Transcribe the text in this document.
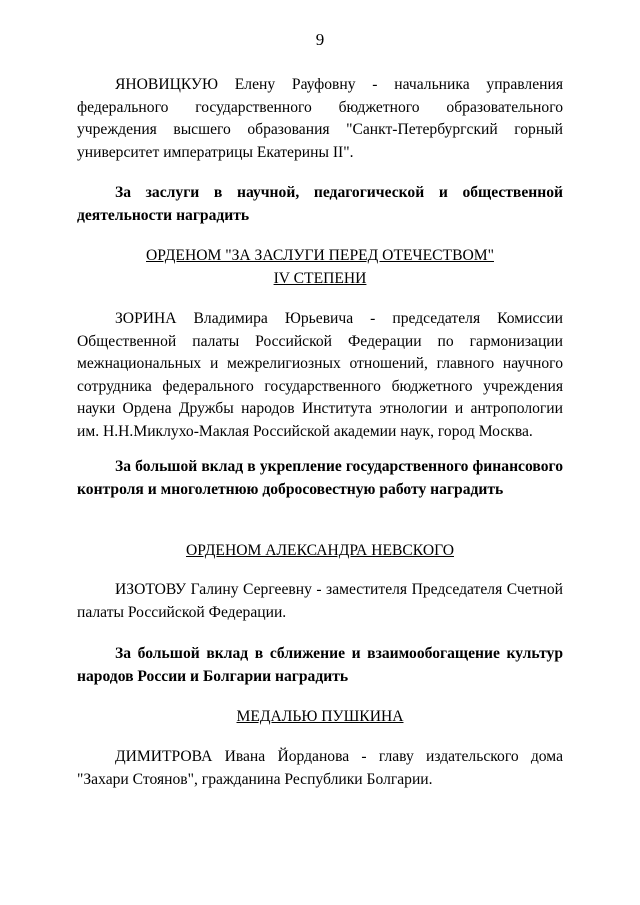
9
ЯНОВИЦКУЮ Елену Рауфовну - начальника управления федерального государственного бюджетного образовательного учреждения высшего образования "Санкт-Петербургский горный университет императрицы Екатерины II".
За заслуги в научной, педагогической и общественной деятельности наградить
ОРДЕНОМ "ЗА ЗАСЛУГИ ПЕРЕД ОТЕЧЕСТВОМ"
IV СТЕПЕНИ
ЗОРИНА Владимира Юрьевича - председателя Комиссии Общественной палаты Российской Федерации по гармонизации межнациональных и межрелигиозных отношений, главного научного сотрудника федерального государственного бюджетного учреждения науки Ордена Дружбы народов Института этнологии и антропологии им. Н.Н.Миклухо-Маклая Российской академии наук, город Москва.
За большой вклад в укрепление государственного финансового контроля и многолетнюю добросовестную работу наградить
ОРДЕНОМ АЛЕКСАНДРА НЕВСКОГО
ИЗОТОВУ Галину Сергеевну - заместителя Председателя Счетной палаты Российской Федерации.
За большой вклад в сближение и взаимообогащение культур народов России и Болгарии наградить
МЕДАЛЬЮ ПУШКИНА
ДИМИТРОВА Ивана Йорданова - главу издательского дома "Захари Стоянов", гражданина Республики Болгарии.
